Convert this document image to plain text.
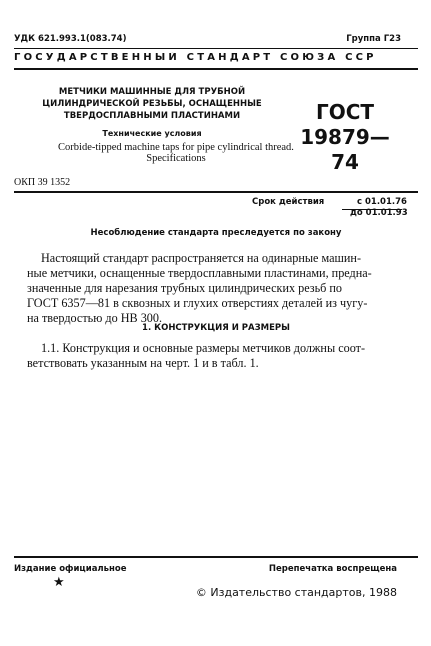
УДК 621.993.1(083.74)	Группа Г23
ГОСУДАРСТВЕННЫЙ СТАНДАРТ СОЮЗА ССР
МЕТЧИКИ МАШИННЫЕ ДЛЯ ТРУБНОЙ
ЦИЛИНДРИЧЕСКОЙ РЕЗЬБЫ, ОСНАЩЕННЫЕ
ТВЕРДОСПЛАВНЫМИ ПЛАСТИНАМИ
Технические условия
Corbide-tipped machine taps for pipe cylindrical thread.
Specifications
ГОСТ
19879—74
ОКП 39 1352
Срок действия	с 01.01.76
до 01.01.93
Несоблюдение стандарта преследуется по закону

Настоящий стандарт распространяется на одинарные машин-

ные метчики, оснащенные твердосплавными пластинами, предна-

значенные для нарезания трубных цилиндрических резьб по

ГОСТ 6357—81 в сквозных и глухих отверстиях деталей из чугу-

на твердостью до НВ 300.

1. КОНСТРУКЦИЯ И РАЗМЕРЫ

1.1. Конструкция и основные размеры метчиков должны соот-

ветствовать указанным на черт. 1 и в табл. 1.

Издание официальное
★
Перепечатка воспрещена
© Издательство стандартов, 1988
